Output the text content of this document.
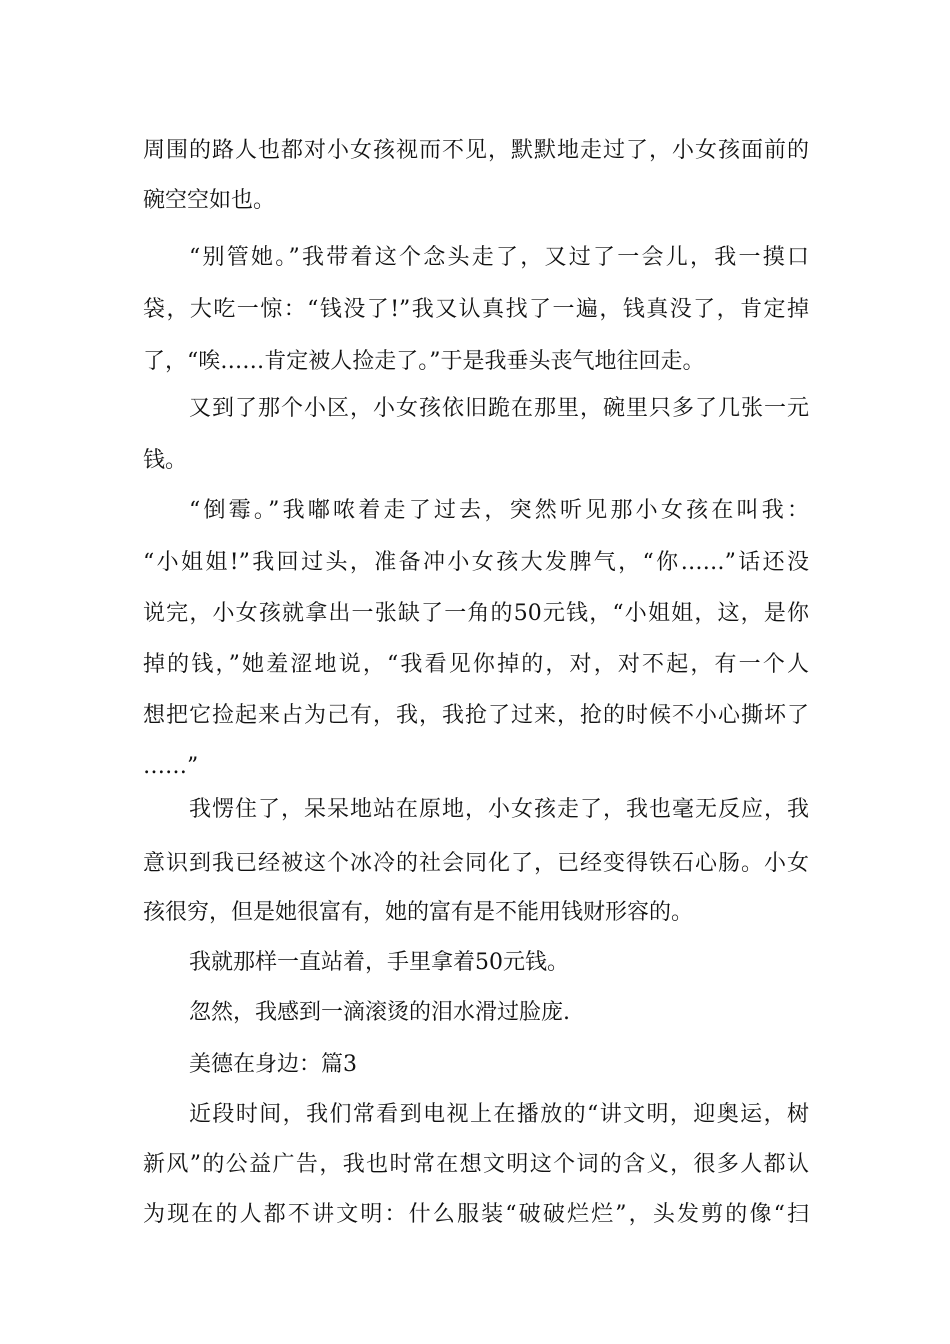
周围的路人也都对小女孩视而不见，默默地走过了，小女孩面前的
碗空空如也。
“别管她。”我带着这个念头走了，又过了一会儿，我一摸口
袋，大吃一惊：“钱没了!”我又认真找了一遍，钱真没了，肯定掉
了，“唉……肯定被人捡走了。”于是我垂头丧气地往回走。
又到了那个小区，小女孩依旧跪在那里，碗里只多了几张一元
钱。
“倒霉。”我嘟哝着走了过去，突然听见那小女孩在叫我：
“小姐姐!”我回过头，准备冲小女孩大发脾气，“你……”话还没
说完，小女孩就拿出一张缺了一角的50元钱，“小姐姐，这，是你
掉的钱，”她羞涩地说，“我看见你掉的，对，对不起，有一个人
想把它捡起来占为己有，我，我抢了过来，抢的时候不小心撕坏了
……”
我愣住了，呆呆地站在原地，小女孩走了，我也毫无反应，我
意识到我已经被这个冰冷的社会同化了，已经变得铁石心肠。小女
孩很穷，但是她很富有，她的富有是不能用钱财形容的。
我就那样一直站着，手里拿着50元钱。
忽然，我感到一滴滚烫的泪水滑过脸庞.
美德在身边：篇3
近段时间，我们常看到电视上在播放的“讲文明，迎奥运，树
新风”的公益广告，我也时常在想文明这个词的含义，很多人都认
为现在的人都不讲文明：什么服装“破破烂烂”，头发剪的像“扫
